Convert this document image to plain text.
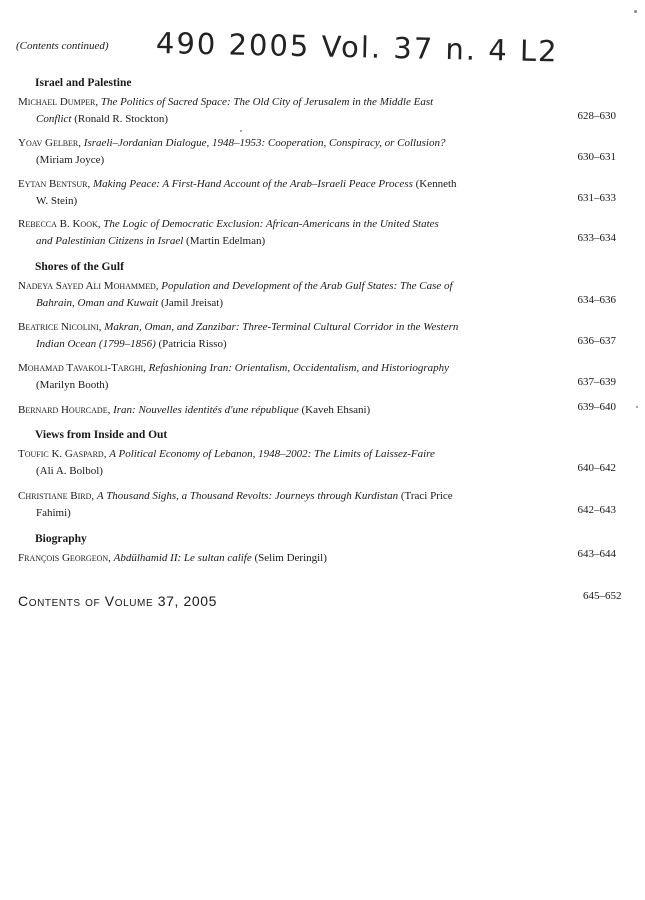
(Contents continued) 490 2005 Vol. 37 n. 4 L2
Israel and Palestine
Michael Dumper, The Politics of Sacred Space: The Old City of Jerusalem in the Middle East
Conflict (Ronald R. Stockton)	628–630
Yoav Gelber, Israeli–Jordanian Dialogue, 1948–1953: Cooperation, Conspiracy, or Collusion?
(Miriam Joyce)	630–631
Eytan Bentsur, Making Peace: A First-Hand Account of the Arab–Israeli Peace Process (Kenneth
W. Stein)	631–633
Rebecca B. Kook, The Logic of Democratic Exclusion: African-Americans in the United States
and Palestinian Citizens in Israel (Martin Edelman)	633–634
Shores of the Gulf
Nadeya Sayed Ali Mohammed, Population and Development of the Arab Gulf States: The Case of
Bahrain, Oman and Kuwait (Jamil Jreisat)	634–636
Beatrice Nicolini, Makran, Oman, and Zanzibar: Three-Terminal Cultural Corridor in the Western
Indian Ocean (1799–1856) (Patricia Risso)	636–637
Mohamad Tavakoli-Targhi, Refashioning Iran: Orientalism, Occidentalism, and Historiography
(Marilyn Booth)	637–639
Bernard Hourcade, Iran: Nouvelles identités d'une république (Kaveh Ehsani)	639–640
Views from Inside and Out
Toufic K. Gaspard, A Political Economy of Lebanon, 1948–2002: The Limits of Laissez-Faire
(Ali A. Bolbol)	640–642
Christiane Bird, A Thousand Sighs, a Thousand Revolts: Journeys through Kurdistan (Traci Price
Fahimi)	642–643
Biography
François Georgeon, Abdülhamid II: Le sultan calife (Selim Deringil)	643–644
Contents of Volume 37, 2005	645–652
